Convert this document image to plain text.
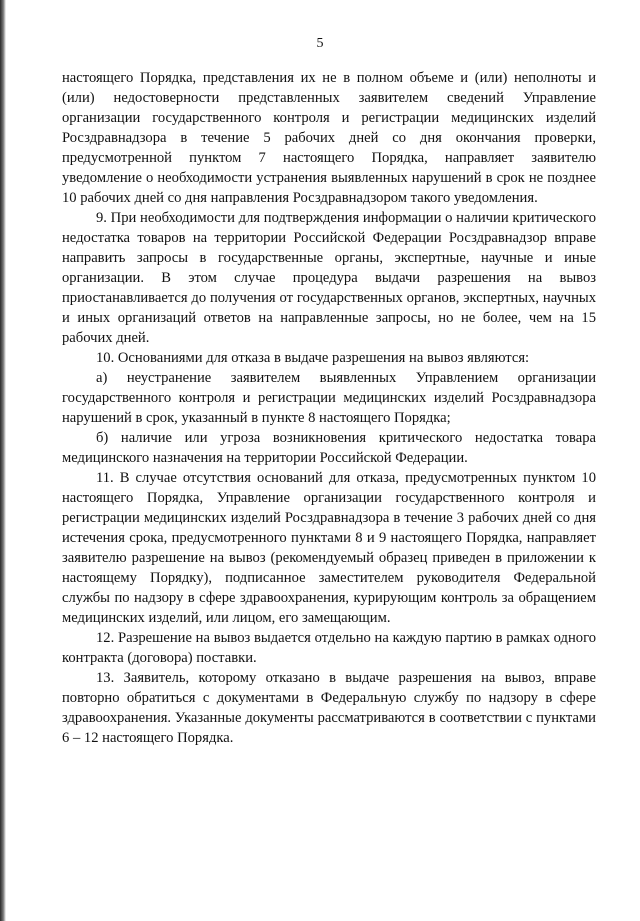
5

настоящего Порядка, представления их не в полном объеме и (или) неполноты и (или) недостоверности представленных заявителем сведений Управление организации государственного контроля и регистрации медицинских изделий Росздравнадзора в течение 5 рабочих дней со дня окончания проверки, предусмотренной пунктом 7 настоящего Порядка, направляет заявителю уведомление о необходимости устранения выявленных нарушений в срок не позднее 10 рабочих дней со дня направления Росздравнадзором такого уведомления.

9. При необходимости для подтверждения информации о наличии критического недостатка товаров на территории Российской Федерации Росздравнадзор вправе направить запросы в государственные органы, экспертные, научные и иные организации. В этом случае процедура выдачи разрешения на вывоз приостанавливается до получения от государственных органов, экспертных, научных и иных организаций ответов на направленные запросы, но не более, чем на 15 рабочих дней.

10. Основаниями для отказа в выдаче разрешения на вывоз являются:

а) неустранение заявителем выявленных Управлением организации государственного контроля и регистрации медицинских изделий Росздравнадзора нарушений в срок, указанный в пункте 8 настоящего Порядка;

б) наличие или угроза возникновения критического недостатка товара медицинского назначения на территории Российской Федерации.

11. В случае отсутствия оснований для отказа, предусмотренных пунктом 10 настоящего Порядка, Управление организации государственного контроля и регистрации медицинских изделий Росздравнадзора в течение 3 рабочих дней со дня истечения срока, предусмотренного пунктами 8 и 9 настоящего Порядка, направляет заявителю разрешение на вывоз (рекомендуемый образец приведен в приложении к настоящему Порядку), подписанное заместителем руководителя Федеральной службы по надзору в сфере здравоохранения, курирующим контроль за обращением медицинских изделий, или лицом, его замещающим.

12. Разрешение на вывоз выдается отдельно на каждую партию в рамках одного контракта (договора) поставки.

13. Заявитель, которому отказано в выдаче разрешения на вывоз, вправе повторно обратиться с документами в Федеральную службу по надзору в сфере здравоохранения. Указанные документы рассматриваются в соответствии с пунктами 6 – 12 настоящего Порядка.
